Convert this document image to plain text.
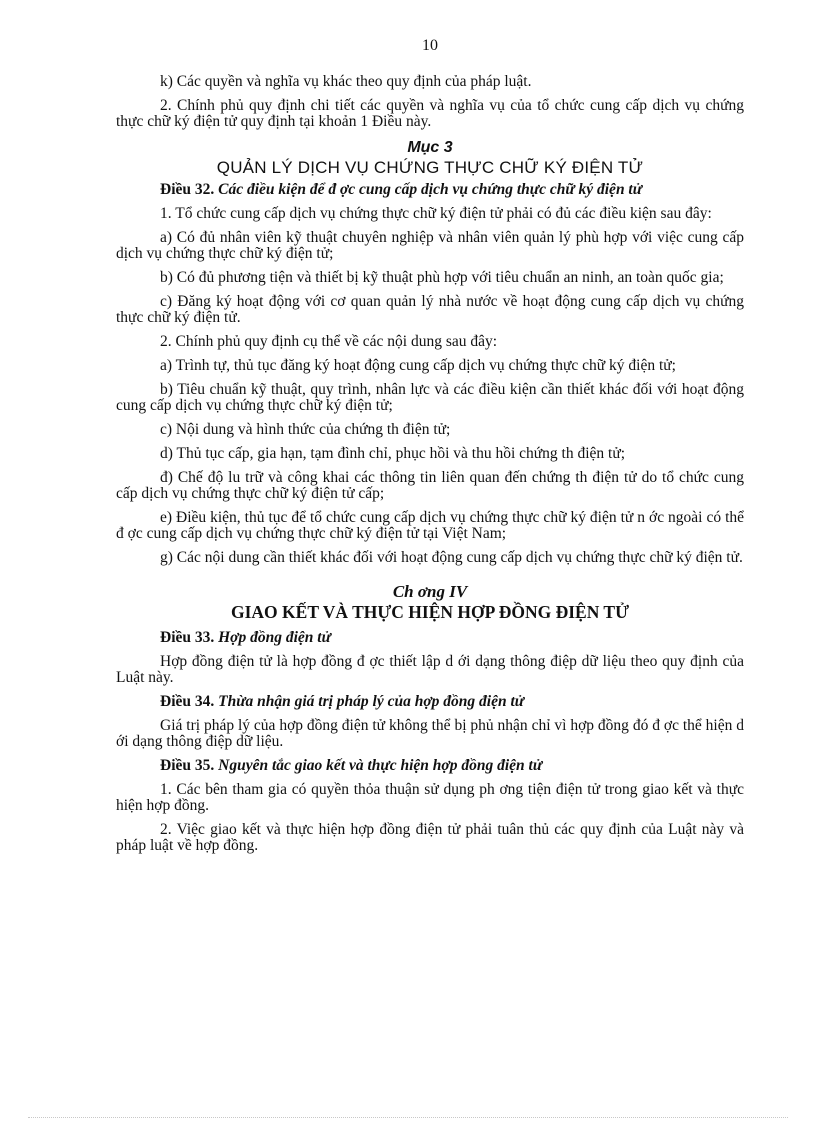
10

k) Các quyền và nghĩa vụ khác theo quy định của pháp luật.

2. Chính phủ quy định chi tiết các quyền và nghĩa vụ của tổ chức cung cấp dịch vụ chứng thực chữ ký điện tử quy định tại khoản 1 Điều này.

Mục 3
QUẢN LÝ DỊCH VỤ CHỨNG THỰC CHỮ KÝ ĐIỆN TỬ
Điều 32. Các điều kiện để đ ợc cung cấp dịch vụ chứng thực chữ ký điện tử

1. Tổ chức cung cấp dịch vụ chứng thực chữ ký điện tử phải có đủ các điều kiện sau đây:

a) Có đủ nhân viên kỹ thuật chuyên nghiệp và nhân viên quản lý phù hợp với việc cung cấp dịch vụ chứng thực chữ ký điện tử;

b) Có đủ phương tiện và thiết bị kỹ thuật phù hợp với tiêu chuẩn an ninh, an toàn quốc gia;

c) Đăng ký hoạt động với cơ quan quản lý nhà nước về hoạt động cung cấp dịch vụ chứng thực chữ ký điện tử.

2. Chính phủ quy định cụ thể về các nội dung sau đây:

a) Trình tự, thủ tục đăng ký hoạt động cung cấp dịch vụ chứng thực chữ ký điện tử;

b) Tiêu chuẩn kỹ thuật, quy trình, nhân lực và các điều kiện cần thiết khác đối với hoạt động cung cấp dịch vụ chứng thực chữ ký điện tử;

c) Nội dung và hình thức của chứng th điện tử;

d) Thủ tục cấp, gia hạn, tạm đình chỉ, phục hồi và thu hồi chứng th điện tử;

đ) Chế độ lu trữ và công khai các thông tin liên quan đến chứng th điện tử do tổ chức cung cấp dịch vụ chứng thực chữ ký điện tử cấp;

e) Điều kiện, thủ tục để tổ chức cung cấp dịch vụ chứng thực chữ ký điện tử n ớc ngoài có thể đ ợc cung cấp dịch vụ chứng thực chữ ký điện tử tại Việt Nam;

g) Các nội dung cần thiết khác đối với hoạt động cung cấp dịch vụ chứng thực chữ ký điện tử.

Ch ơng IV
GIAO KẾT VÀ THỰC HIỆN HỢP ĐỒNG ĐIỆN TỬ
Điều 33. Hợp đồng điện tử

Hợp đồng điện tử là hợp đồng đ ợc thiết lập d ới dạng thông điệp dữ liệu theo quy định của Luật này.

Điều 34. Thừa nhận giá trị pháp lý của hợp đồng điện tử

Giá trị pháp lý của hợp đồng điện tử không thể bị phủ nhận chỉ vì hợp đồng đó đ ợc thể hiện d ới dạng thông điệp dữ liệu.

Điều 35. Nguyên tắc giao kết và thực hiện hợp đồng điện tử

1. Các bên tham gia có quyền thỏa thuận sử dụng ph ơng tiện điện tử trong giao kết và thực hiện hợp đồng.

2. Việc giao kết và thực hiện hợp đồng điện tử phải tuân thủ các quy định của Luật này và pháp luật về hợp đồng.
